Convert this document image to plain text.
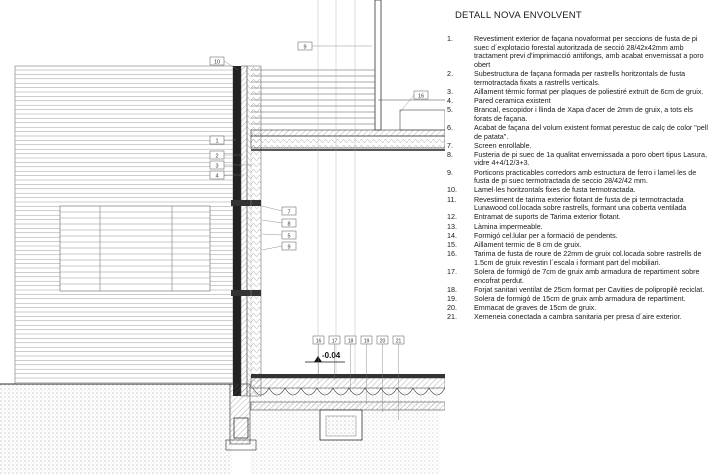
-0.04
9
10
16
1
2
3
4
7
8
5
9
16 17 18 19 20 21
DETALL NOVA ENVOLVENT
1.	Revestiment exterior de façana novaformat per seccions de fusta de pi suec d´explotacio forestal autoritzada de secció 28/42x42mm amb tractament previ d'imprimacció antifongs, amb acabat envernissat a poro obert
2.	Subestructura de façana formada per rastrells horitzontals de fusta termotractada fixats a rastrells verticals.
3.	Aillament tèrmic format per plaques de poliestiré extruït de 6cm de gruix.
4.	Pared ceramica existent
5.	Brancal, escopidor i llinda de Xapa d'acer de 2mm de gruix, a tots els forats de façana.
6.	Acabat de façana del volum existent format perestuc de calç de color "pell de patata".
7.	Screen enrollable.
8.	Fusteria de pi suec de 1a qualitat envernissada a poro obert tipus Lasura, vidre 4+4/12/3+3.
9.	Porticons practicables corredors amb estructura de ferro i lamel·les de fusta de pi suec termotractada de seccio 28/42/42 mm.
10.	Lamel·les horitzontals fixes de fusta termotractada.
11.	Revestiment de tarima exterior flotant de fusta de pi termotractada Lunawood col.locada sobre rastrells, formant una coberta ventilada
12.	Entramat de suports de Tarima exterior flotant.
13.	Làmina impermeable.
14.	Formigó cel.lular per a formació de pendents.
15.	Aillament termic de 8 cm de gruix.
16.	Tarima de fusta de roure de 22mm de gruix col.locada sobre rastrells de 1.5cm de gruix revestin l´escala i formant part del mobiliari.
17.	Solera de formigó de 7cm de gruix amb armadura de repartiment sobre encofrat perdut.
18.	Forjat sanitari ventilat de 25cm format per Cavities de polipropilè reciclat.
19.	Solera de formigó de 15cm de gruix amb armadura de repartiment.
20.	Emmacat de graves de 15cm de gruix.
21.	Xemeneia conectada a cambra sanitaria per presa d´aire exterior.
